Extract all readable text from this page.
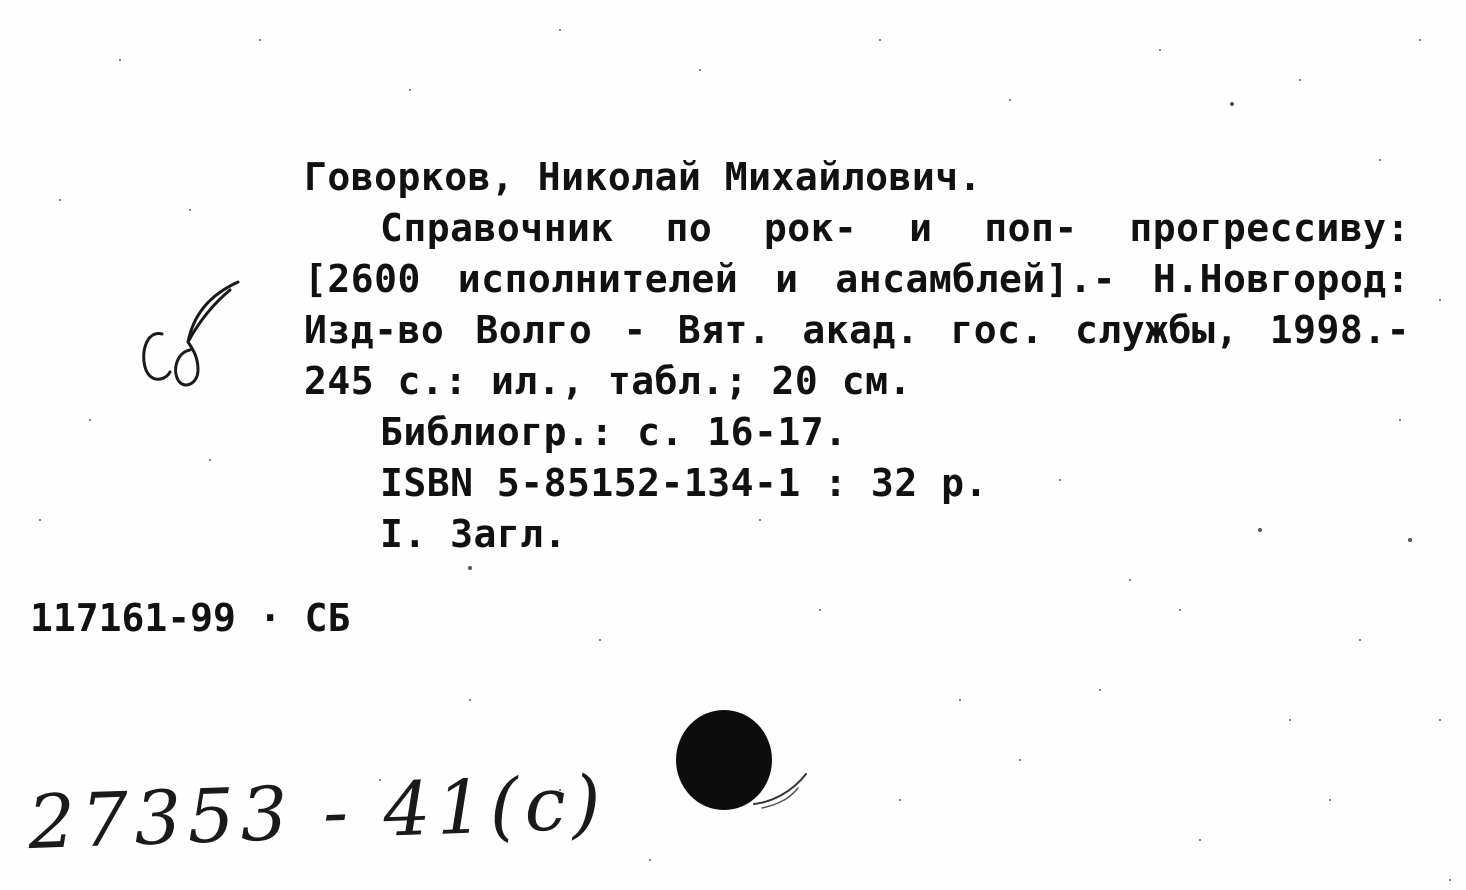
Говорков, Николай Михайлович.
Справочник по рок- и поп- прогрессиву:
[2600 исполнителей и ансамблей].- Н.Новгород:
Изд-во Волго - Вят. акад. гос. службы, 1998.-
245 с.: ил., табл.; 20 см.
Библиогр.: с. 16-17.
ISBN 5-85152-134-1 : 32 р.
I. Загл.
117161-99 · СБ
27353 - 41(с)
